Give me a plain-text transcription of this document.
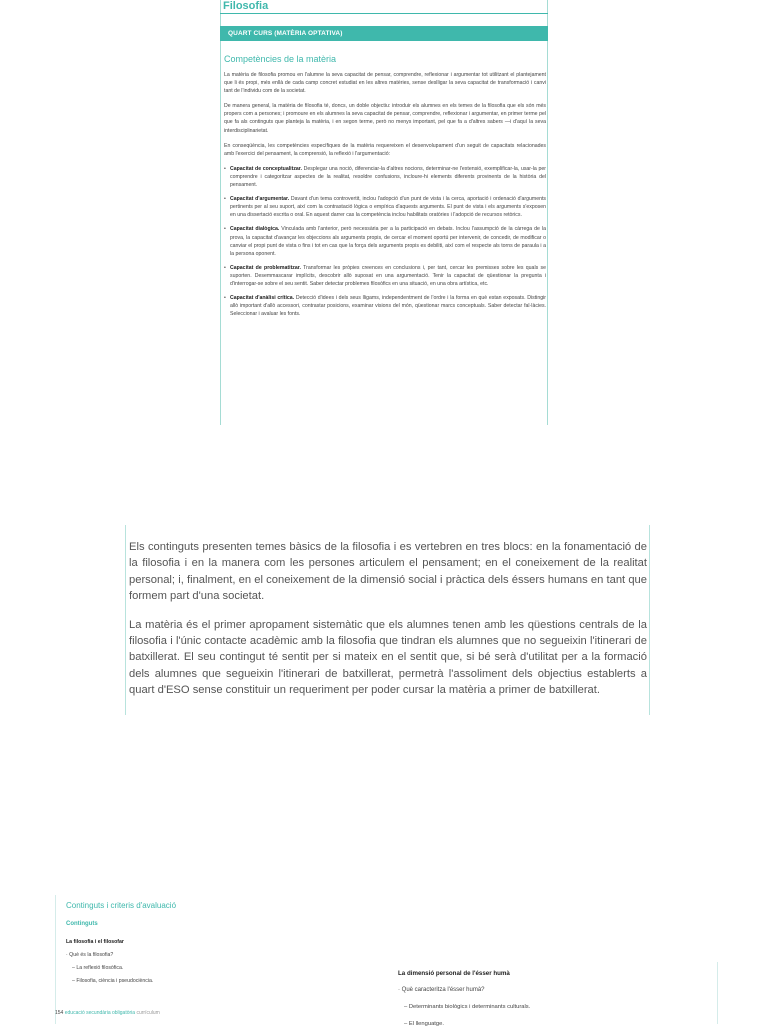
Filosofia
QUART CURS (MATÈRIA OPTATIVA)
Competències de la matèria

La matèria de filosofia promou en l'alumne la seva capacitat de pensar, comprendre, reflexionar i argumentar tot utilitzant el plantejament que li és propi, més enllà de cada camp concret estudiat en les altres matèries, sense deslligar la seva capacitat de transformació i canvi tant de l'individu com de la societat.

De manera general, la matèria de filosofia té, doncs, un doble objectiu: introduir els alumnes en els temes de la filosofia que els són més propers com a persones; i promoure en els alumnes la seva capacitat de pensar, comprendre, reflexionar i argumentar, en primer terme pel que fa als continguts que planteja la matèria, i en segon terme, però no menys important, pel que fa a d'altres sabers —i d'aquí la seva interdisciplinarietat.

En conseqüència, les competències específiques de la matèria requereixen el desenvolupament d'un seguit de capacitats relacionades amb l'exercici del pensament, la comprensió, la reflexió i l'argumentació:

• Capacitat de conceptualitzar. Desplegar una noció, diferenciar-la d'altres nocions, determinar-ne l'extensió, exemplificar-la, usar-la per comprendre i categoritzar aspectes de la realitat, resoldre confusions, incloure-hi elements diferents provinents de la història del pensament.
• Capacitat d'argumentar. Davant d'un tema controvertit, inclou l'adopció d'un punt de vista i la cerca, aportació i ordenació d'arguments pertinents per al seu suport, així com la contrastació lògica o empírica d'aquests arguments. El punt de vista i els arguments s'exposen en una dissertació escrita o oral. En aquest darrer cas la competència inclou habilitats oratòries i l'adopció de recursos retòrics.
• Capacitat dialògica. Vinculada amb l'anterior, però necessària per a la participació en debats. Inclou l'assumpció de la càrrega de la prova, la capacitat d'avançar les objeccions als arguments propis, de cercar el moment oportú per intervenir, de concedir, de modificar o canviar el propi punt de vista o fins i tot en cas que la força dels arguments propis es debiliti, així com el respecte als torns de paraula i a la persona oponent.
• Capacitat de problematitzar. Transformar les pròpies creences en conclusions i, per tant, cercar les premisses sobre les quals se suporten. Desemmascarar implícits, descobrir allò suposat en una argumentació. Tenir la capacitat de qüestionar la pregunta i d'interrogar-se sobre el seu sentit. Saber detectar problemes filosòfics en una situació, en una obra artística, etc.
• Capacitat d'anàlisi crítica. Detecció d'idees i dels seus lligams, independentment de l'ordre i la forma en què estan exposats. Distingir allò important d'allò accessori, contrastar posicions, examinar visions del món, qüestionar marcs conceptuals. Saber detectar fal·làcies. Seleccionar i avaluar les fonts.

Els continguts presenten temes bàsics de la filosofia i es vertebren en tres blocs: en la fonamentació de la filosofia i en la manera com les persones articulem el pensament; en el coneixement de la realitat personal; i, finalment, en el coneixement de la dimensió social i pràctica dels éssers humans en tant que formem part d'una societat.

La matèria és el primer apropament sistemàtic que els alumnes tenen amb les qüestions centrals de la filosofia i l'únic contacte acadèmic amb la filosofia que tindran els alumnes que no segueixin l'itinerari de batxillerat. El seu contingut té sentit per si mateix en el sentit que, si bé serà d'utilitat per a la formació dels alumnes que segueixin l'itinerari de batxillerat, permetrà l'assoliment dels objectius establerts a quart d'ESO sense constituir un requeriment per poder cursar la matèria a primer de batxillerat.

Continguts i criteris d'avaluació
Continguts
La filosofia i el filosofar
· Què és la filosofia?
– La reflexió filosòfica.
– Filosofia, ciència i pseudociència.
154 educació secundària obligatòria currículum
La dimensió personal de l'ésser humà
· Què caracteritza l'ésser humà?
– Determinants biològics i determinants culturals.
– El llenguatge.
